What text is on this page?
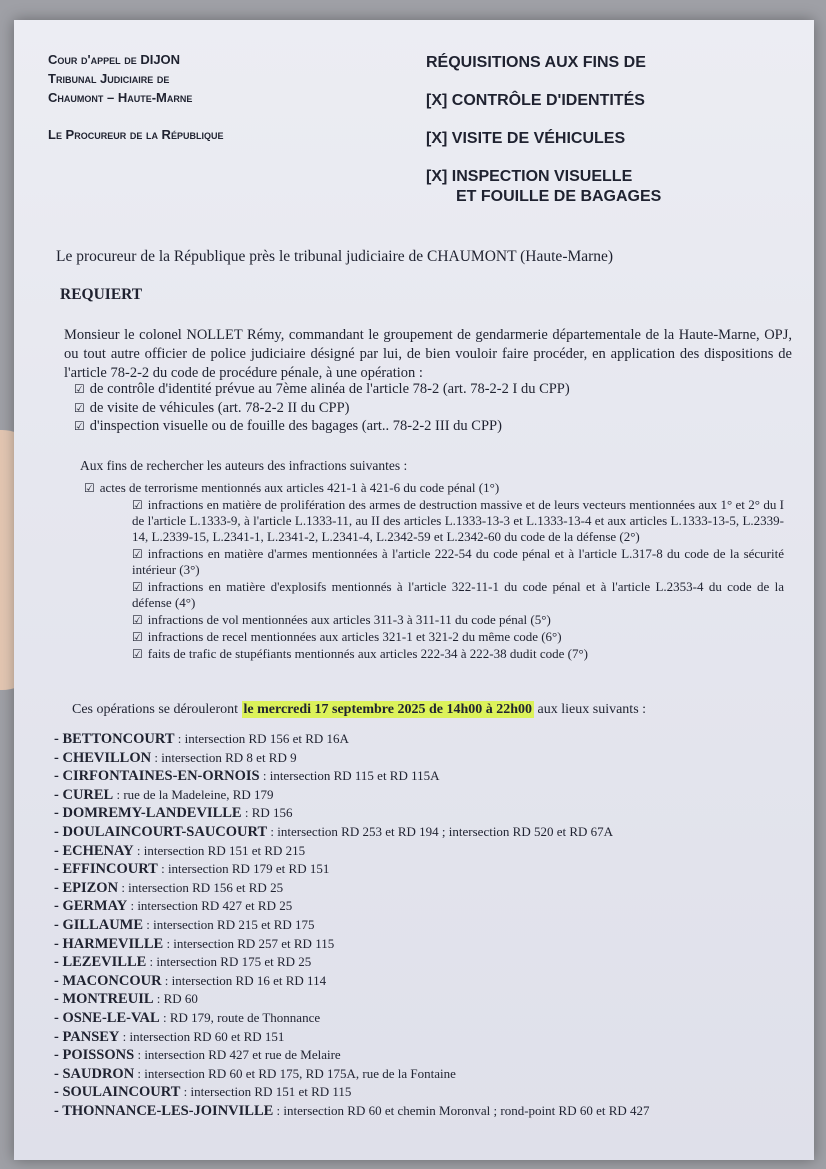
Cour d'appel de DIJON
Tribunal Judiciaire de
Chaumont – Haute-Marne
Le Procureur de la République
RÉQUISITIONS AUX FINS DE
[X] CONTRÔLE D'IDENTITÉS
[X] VISITE DE VÉHICULES
[X] INSPECTION VISUELLE
ET FOUILLE DE BAGAGES
Le procureur de la République près le tribunal judiciaire de CHAUMONT (Haute-Marne)
REQUIERT
Monsieur le colonel NOLLET Rémy, commandant le groupement de gendarmerie départementale de la Haute-Marne, OPJ, ou tout autre officier de police judiciaire désigné par lui, de bien vouloir faire procéder, en application des dispositions de l'article 78-2-2 du code de procédure pénale, à une opération :
☑ de contrôle d'identité prévue au 7ème alinéa de l'article 78-2 (art. 78-2-2 I du CPP)
☑ de visite de véhicules (art. 78-2-2 II du CPP)
☑ d'inspection visuelle ou de fouille des bagages (art.. 78-2-2 III du CPP)
Aux fins de rechercher les auteurs des infractions suivantes :
☑ actes de terrorisme mentionnés aux articles 421-1 à 421-6 du code pénal (1°)
☑ infractions en matière de prolifération des armes de destruction massive et de leurs vecteurs mentionnées aux 1° et 2° du I de l'article L.1333-9, à l'article L.1333-11, au II des articles L.1333-13-3 et L.1333-13-4 et aux articles L.1333-13-5, L.2339-14, L.2339-15, L.2341-1, L.2341-2, L.2341-4, L.2342-59 et L.2342-60 du code de la défense (2°)
☑ infractions en matière d'armes mentionnées à l'article 222-54 du code pénal et à l'article L.317-8 du code de la sécurité intérieur (3°)
☑ infractions en matière d'explosifs mentionnés à l'article 322-11-1 du code pénal et à l'article L.2353-4 du code de la défense (4°)
☑ infractions de vol mentionnées aux articles 311-3 à 311-11 du code pénal (5°)
☑ infractions de recel mentionnées aux articles 321-1 et 321-2 du même code (6°)
☑ faits de trafic de stupéfiants mentionnés aux articles 222-34 à 222-38 dudit code (7°)
Ces opérations se dérouleront le mercredi 17 septembre 2025 de 14h00 à 22h00 aux lieux suivants :
- BETTONCOURT : intersection RD 156 et RD 16A
- CHEVILLON : intersection RD 8 et RD 9
- CIRFONTAINES-EN-ORNOIS : intersection RD 115 et RD 115A
- CUREL : rue de la Madeleine, RD 179
- DOMREMY-LANDEVILLE : RD 156
- DOULAINCOURT-SAUCOURT : intersection RD 253 et RD 194 ; intersection RD 520 et RD 67A
- ECHENAY : intersection RD 151 et RD 215
- EFFINCOURT : intersection RD 179 et RD 151
- EPIZON : intersection RD 156 et RD 25
- GERMAY : intersection RD 427 et RD 25
- GILLAUME : intersection RD 215 et RD 175
- HARMEVILLE : intersection RD 257 et RD 115
- LEZEVILLE : intersection RD 175 et RD 25
- MACONCOUR : intersection RD 16 et RD 114
- MONTREUIL : RD 60
- OSNE-LE-VAL : RD 179, route de Thonnance
- PANSEY : intersection RD 60 et RD 151
- POISSONS : intersection RD 427 et rue de Melaire
- SAUDRON : intersection RD 60 et RD 175, RD 175A, rue de la Fontaine
- SOULAINCOURT : intersection RD 151 et RD 115
- THONNANCE-LES-JOINVILLE : intersection RD 60 et chemin Moronval ; rond-point RD 60 et RD 427
